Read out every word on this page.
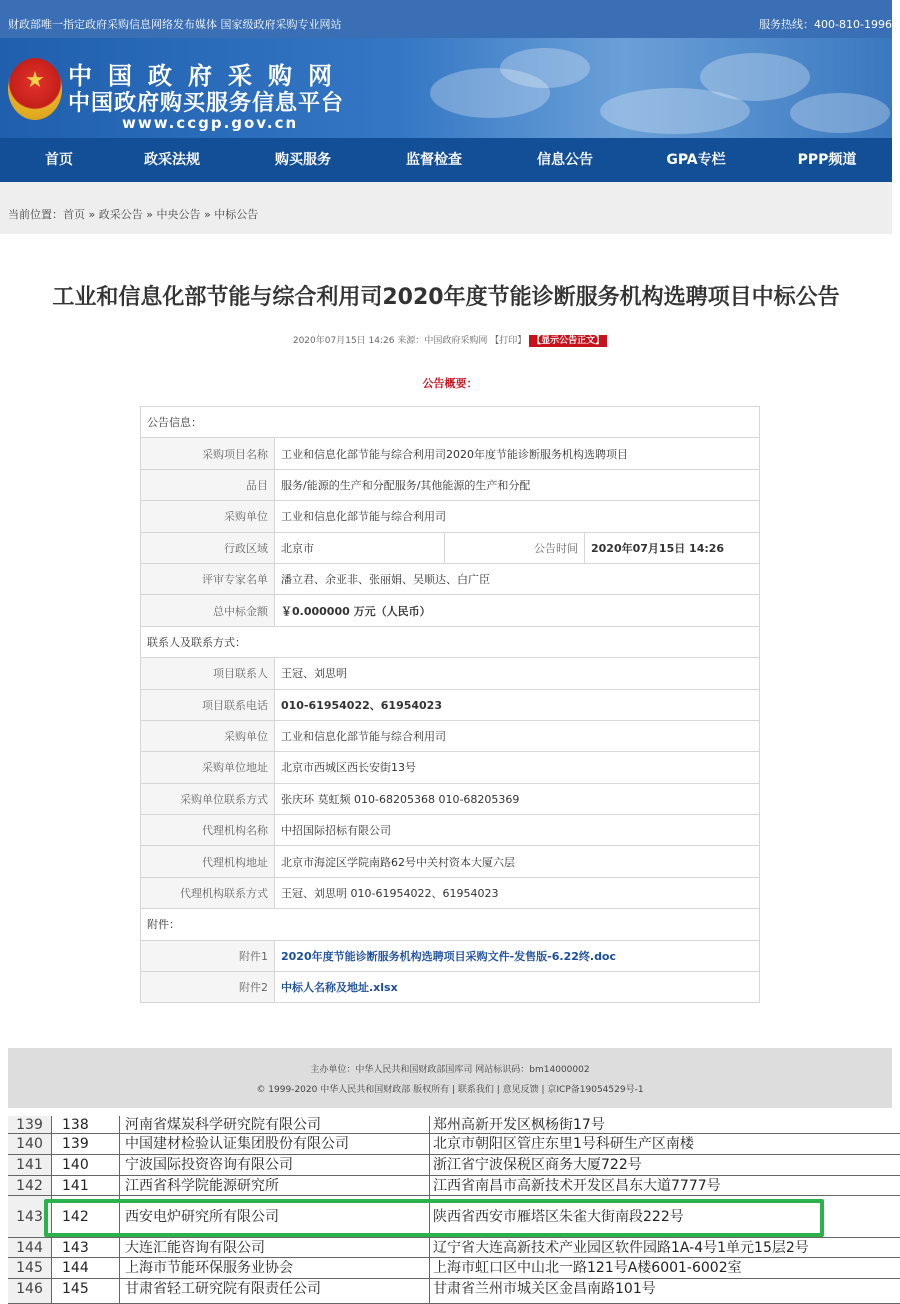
财政部唯一指定政府采购信息网络发布媒体 国家级政府采购专业网站	服务热线：400-810-1996
★ 中国政府采购网
中国政府购买服务信息平台
www.ccgp.gov.cn
首页	政采法规	购买服务	监督检查	信息公告	GPA专栏	PPP频道
当前位置：首页 » 政采公告 » 中央公告 » 中标公告
工业和信息化部节能与综合利用司2020年度节能诊断服务机构选聘项目中标公告
2020年07月15日 14:26 来源：中国政府采购网 【打印】 【显示公告正文】
公告概要：
公告信息：			
采购项目名称	工业和信息化部节能与综合利用司2020年度节能诊断服务机构选聘项目		
品目	服务/能源的生产和分配服务/其他能源的生产和分配		
采购单位	工业和信息化部节能与综合利用司		
行政区域	北京市	公告时间	2020年07月15日 14:26
评审专家名单	潘立君、余亚非、张丽娟、吴顺达、白广臣		
总中标金额	￥0.000000 万元（人民币）		
联系人及联系方式：			
项目联系人	王冠、刘思明		
项目联系电话	010-61954022、61954023		
采购单位	工业和信息化部节能与综合利用司		
采购单位地址	北京市西城区西长安街13号		
采购单位联系方式	张庆环 莫虹频 010-68205368 010-68205369		
代理机构名称	中招国际招标有限公司		
代理机构地址	北京市海淀区学院南路62号中关村资本大厦六层		
代理机构联系方式	王冠、刘思明 010-61954022、61954023		
附件：			
附件1	2020年度节能诊断服务机构选聘项目采购文件-发售版-6.22终.doc		
附件2	中标人名称及地址.xlsx		
主办单位：中华人民共和国财政部国库司 网站标识码：bm14000002
© 1999-2020 中华人民共和国财政部 版权所有 | 联系我们 | 意见反馈 | 京ICP备19054529号-1
139	138	河南省煤炭科学研究院有限公司	郑州高新开发区枫杨街17号
140	139	中国建材检验认证集团股份有限公司	北京市朝阳区管庄东里1号科研生产区南楼
141	140	宁波国际投资咨询有限公司	浙江省宁波保税区商务大厦722号
142	141	江西省科学院能源研究所	江西省南昌市高新技术开发区昌东大道7777号
143	142	西安电炉研究所有限公司	陕西省西安市雁塔区朱雀大街南段222号
144	143	大连汇能咨询有限公司	辽宁省大连高新技术产业园区软件园路1A-4号1单元15层2号
145	144	上海市节能环保服务业协会	上海市虹口区中山北一路121号A楼6001-6002室
146	145	甘肃省轻工研究院有限责任公司	甘肃省兰州市城关区金昌南路101号
